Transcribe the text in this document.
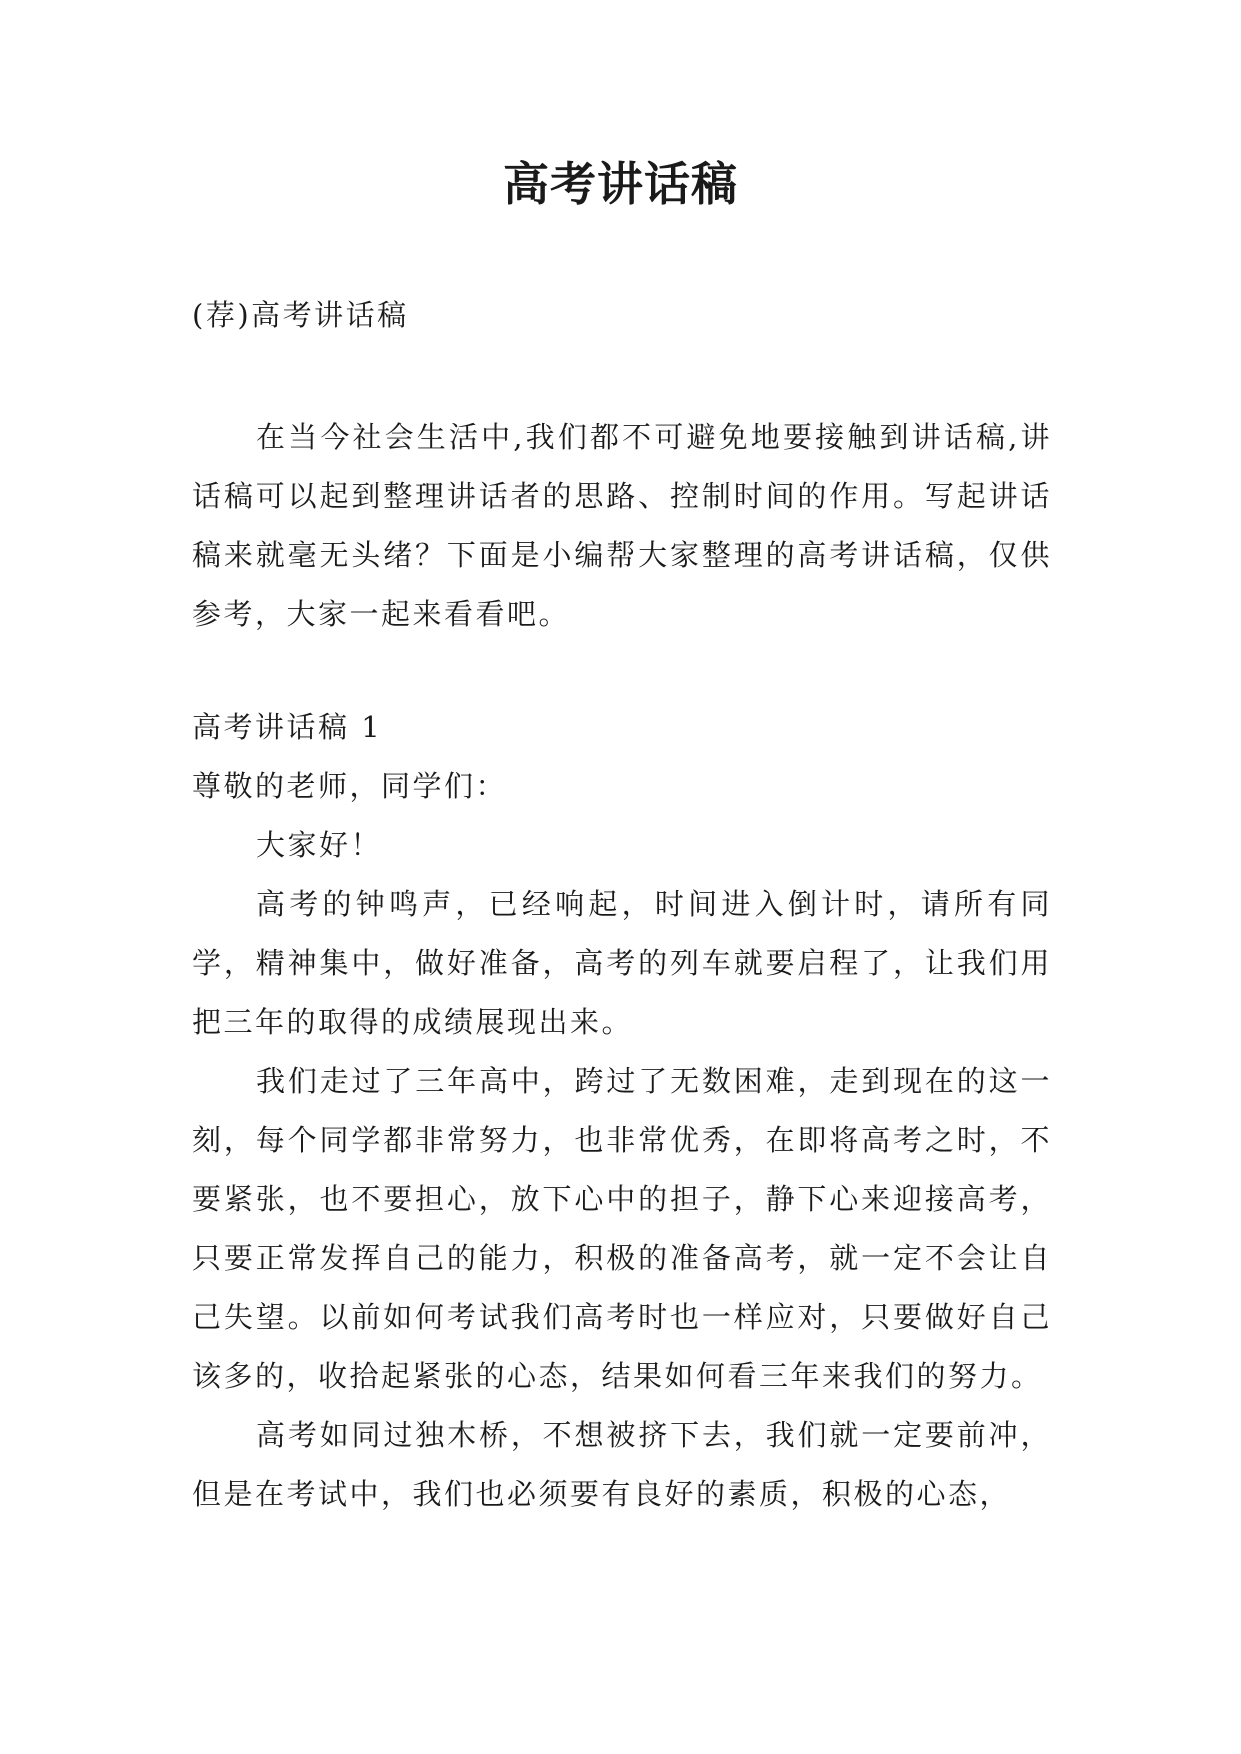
高考讲话稿

(荐)高考讲话稿

在当今社会生活中,我们都不可避免地要接触到讲话稿,讲话稿可以起到整理讲话者的思路、控制时间的作用。写起讲话稿来就毫无头绪？下面是小编帮大家整理的高考讲话稿，仅供参考，大家一起来看看吧。

高考讲话稿 1

尊敬的老师，同学们：

大家好！

高考的钟鸣声，已经响起，时间进入倒计时，请所有同学，精神集中，做好准备，高考的列车就要启程了，让我们用把三年的取得的成绩展现出来。

我们走过了三年高中，跨过了无数困难，走到现在的这一刻，每个同学都非常努力，也非常优秀，在即将高考之时，不要紧张，也不要担心，放下心中的担子，静下心来迎接高考，只要正常发挥自己的能力，积极的准备高考，就一定不会让自己失望。以前如何考试我们高考时也一样应对，只要做好自己该多的，收拾起紧张的心态，结果如何看三年来我们的努力。

高考如同过独木桥，不想被挤下去，我们就一定要前冲，但是在考试中，我们也必须要有良好的素质，积极的心态，
